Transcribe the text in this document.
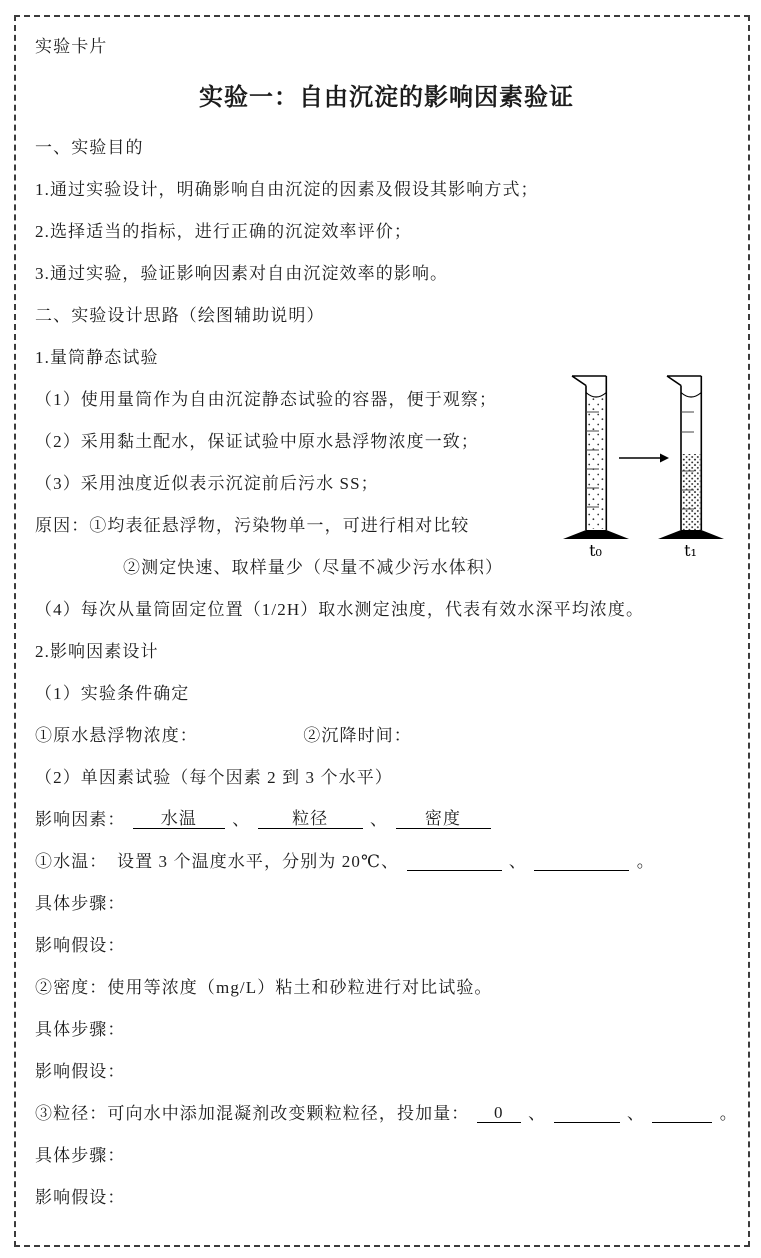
实验卡片

实验一：自由沉淀的影响因素验证

一、实验目的

1.通过实验设计，明确影响自由沉淀的因素及假设其影响方式；

2.选择适当的指标，进行正确的沉淀效率评价；

3.通过实验，验证影响因素对自由沉淀效率的影响。

二、实验设计思路（绘图辅助说明）

1.量筒静态试验

（1）使用量筒作为自由沉淀静态试验的容器，便于观察；

（2）采用黏土配水，保证试验中原水悬浮物浓度一致；

（3）采用浊度近似表示沉淀前后污水 SS；

原因：①均表征悬浮物，污染物单一，可进行相对比较

②测定快速、取样量少（尽量不减少污水体积）

（4）每次从量筒固定位置（1/2H）取水测定浊度，代表有效水深平均浓度。

2.影响因素设计

（1）实验条件确定

①原水悬浮物浓度：	②沉降时间：

（2）单因素试验（每个因素 2 到 3 个水平）

影响因素： 水温 、 粒径 、 密度

①水温：　设置 3 个温度水平，分别为 20℃、	、	。

具体步骤：

影响假设：

②密度：使用等浓度（mg/L）粘土和砂粒进行对比试验。

具体步骤：

影响假设：

③粒径：可向水中添加混凝剂改变颗粒粒径，投加量： 0 、	、	。

具体步骤：

影响假设：

t₀	t₁
